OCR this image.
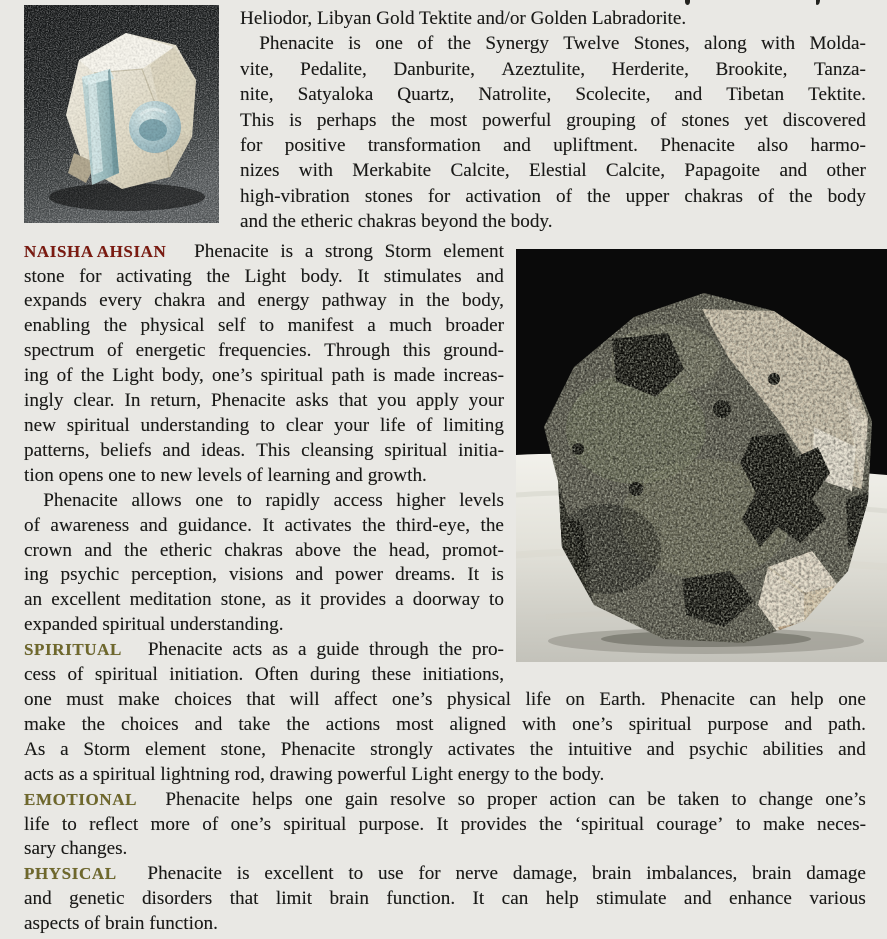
Heliodor, Libyan Gold Tektite and/or Golden Labradorite.
 Phenacite is one of the Synergy Twelve Stones, along with Molda-
vite, Pedalite, Danburite, Azeztulite, Herderite, Brookite, Tanza-
nite, Satyaloka Quartz, Natrolite, Scolecite, and Tibetan Tektite.
This is perhaps the most powerful grouping of stones yet discovered
for positive transformation and upliftment. Phenacite also harmo-
nizes with Merkabite Calcite, Elestial Calcite, Papagoite and other
high-vibration stones for activation of the upper chakras of the body
and the etheric chakras beyond the body.
NAISHA AHSIAN Phenacite is a strong Storm element
stone for activating the Light body. It stimulates and
expands every chakra and energy pathway in the body,
enabling the physical self to manifest a much broader
spectrum of energetic frequencies. Through this ground-
ing of the Light body, one’s spiritual path is made increas-
ingly clear. In return, Phenacite asks that you apply your
new spiritual understanding to clear your life of limiting
patterns, beliefs and ideas. This cleansing spiritual initia-
tion opens one to new levels of learning and growth.
 Phenacite allows one to rapidly access higher levels
of awareness and guidance. It activates the third-eye, the
crown and the etheric chakras above the head, promot-
ing psychic perception, visions and power dreams. It is
an excellent meditation stone, as it provides a doorway to
expanded spiritual understanding.
SPIRITUAL Phenacite acts as a guide through the pro-
cess of spiritual initiation. Often during these initiations,
one must make choices that will affect one’s physical life on Earth. Phenacite can help one
make the choices and take the actions most aligned with one’s spiritual purpose and path.
As a Storm element stone, Phenacite strongly activates the intuitive and psychic abilities and
acts as a spiritual lightning rod, drawing powerful Light energy to the body.
EMOTIONAL Phenacite helps one gain resolve so proper action can be taken to change one’s
life to reflect more of one’s spiritual purpose. It provides the ‘spiritual courage’ to make neces-
sary changes.
PHYSICAL Phenacite is excellent to use for nerve damage, brain imbalances, brain damage
and genetic disorders that limit brain function. It can help stimulate and enhance various
aspects of brain function.
